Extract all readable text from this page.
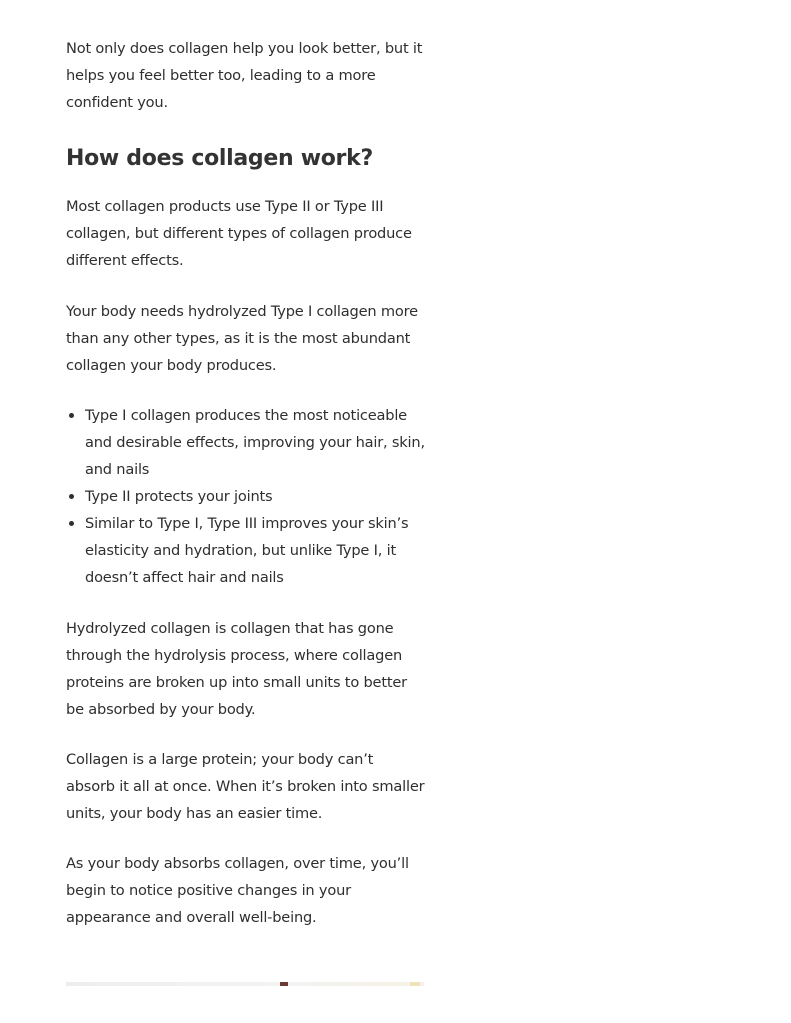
Not only does collagen help you look better, but it helps you feel better too, leading to a more confident you.

How does collagen work?

Most collagen products use Type II or Type III collagen, but different types of collagen produce different effects.

Your body needs hydrolyzed Type I collagen more than any other types, as it is the most abundant collagen your body produces.

Type I collagen produces the most noticeable and desirable effects, improving your hair, skin, and nails
Type II protects your joints
Similar to Type I, Type III improves your skin’s elasticity and hydration, but unlike Type I, it doesn’t affect hair and nails

Hydrolyzed collagen is collagen that has gone through the hydrolysis process, where collagen proteins are broken up into small units to better be absorbed by your body.

Collagen is a large protein; your body can’t absorb it all at once. When it’s broken into smaller units, your body has an easier time.

As your body absorbs collagen, over time, you’ll begin to notice positive changes in your appearance and overall well-being.
